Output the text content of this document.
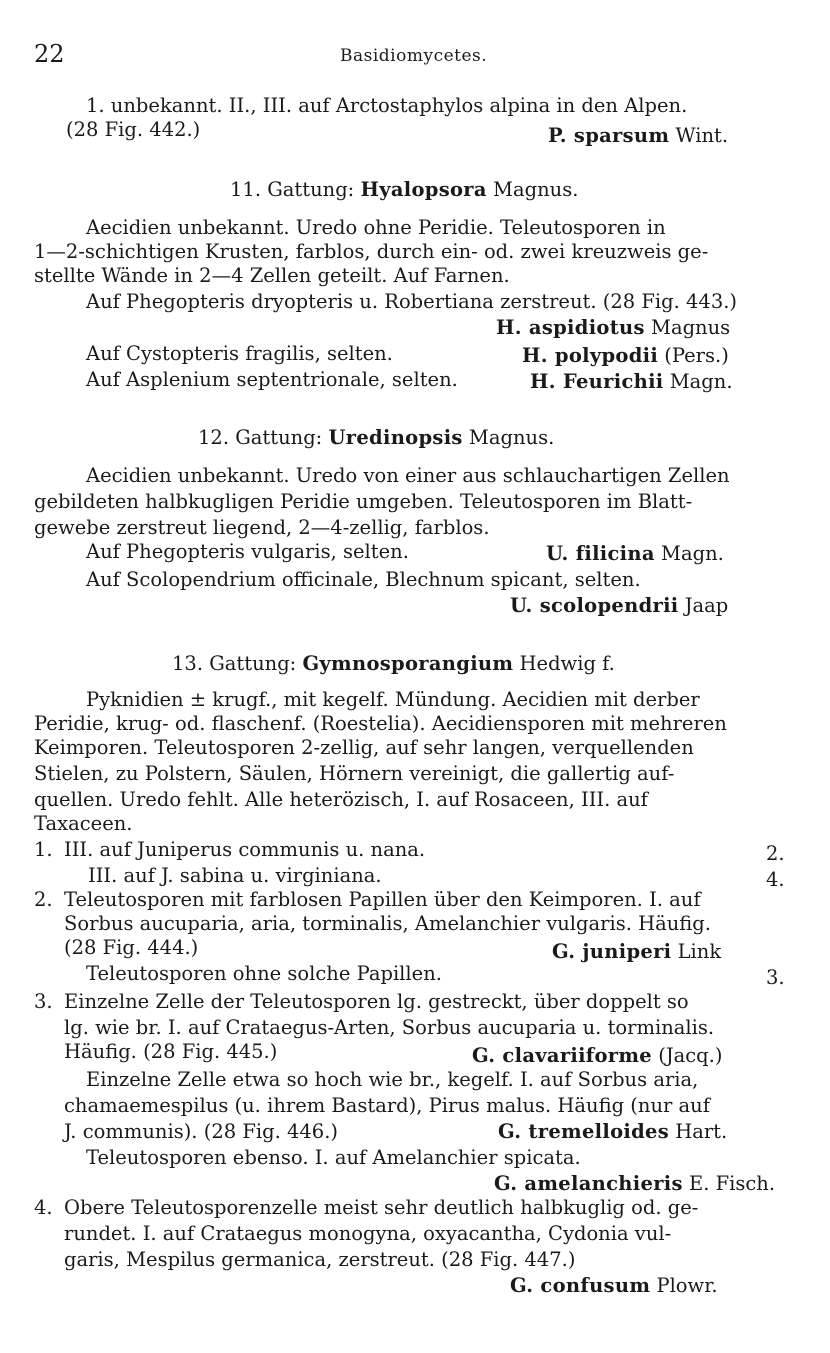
22	Basidiomycetes.
1. unbekannt. II., III. auf Arctostaphylos alpina in den Alpen.
(28 Fig. 442.)	P. sparsum Wint.
11. Gattung: Hyalopsora Magnus.
Aecidien unbekannt. Uredo ohne Peridie. Teleutosporen in
1—2-schichtigen Krusten, farblos, durch ein- od. zwei kreuzweis ge-
stellte Wände in 2—4 Zellen geteilt. Auf Farnen.
Auf Phegopteris dryopteris u. Robertiana zerstreut. (28 Fig. 443.)
H. aspidiotus Magnus
Auf Cystopteris fragilis, selten.	H. polypodii (Pers.)
Auf Asplenium septentrionale, selten.	H. Feurichii Magn.
12. Gattung: Uredinopsis Magnus.
Aecidien unbekannt. Uredo von einer aus schlauchartigen Zellen
gebildeten halbkugligen Peridie umgeben. Teleutosporen im Blatt-
gewebe zerstreut liegend, 2—4-zellig, farblos.
Auf Phegopteris vulgaris, selten.	U. filicina Magn.
Auf Scolopendrium officinale, Blechnum spicant, selten.
U. scolopendrii Jaap
13. Gattung: Gymnosporangium Hedwig f.
Pyknidien ± krugf., mit kegelf. Mündung. Aecidien mit derber
Peridie, krug- od. flaschenf. (Roestelia). Aecidiensporen mit mehreren
Keimporen. Teleutosporen 2-zellig, auf sehr langen, verquellenden
Stielen, zu Polstern, Säulen, Hörnern vereinigt, die gallertig auf-
quellen. Uredo fehlt. Alle heterözisch, I. auf Rosaceen, III. auf
Taxaceen.
1. III. auf Juniperus communis u. nana.	2.
III. auf J. sabina u. virginiana.	4.
2. Teleutosporen mit farblosen Papillen über den Keimporen. I. auf
Sorbus aucuparia, aria, torminalis, Amelanchier vulgaris. Häufig.
(28 Fig. 444.)	G. juniperi Link
Teleutosporen ohne solche Papillen.	3.
3. Einzelne Zelle der Teleutosporen lg. gestreckt, über doppelt so
lg. wie br. I. auf Crataegus-Arten, Sorbus aucuparia u. torminalis.
Häufig. (28 Fig. 445.)	G. clavariiforme (Jacq.)
Einzelne Zelle etwa so hoch wie br., kegelf. I. auf Sorbus aria,
chamaemespilus (u. ihrem Bastard), Pirus malus. Häufig (nur auf
J. communis). (28 Fig. 446.)	G. tremelloides Hart.
Teleutosporen ebenso. I. auf Amelanchier spicata.
G. amelanchieris E. Fisch.
4. Obere Teleutosporenzelle meist sehr deutlich halbkuglig od. ge-
rundet. I. auf Crataegus monogyna, oxyacantha, Cydonia vul-
garis, Mespilus germanica, zerstreut. (28 Fig. 447.)
G. confusum Plowr.
